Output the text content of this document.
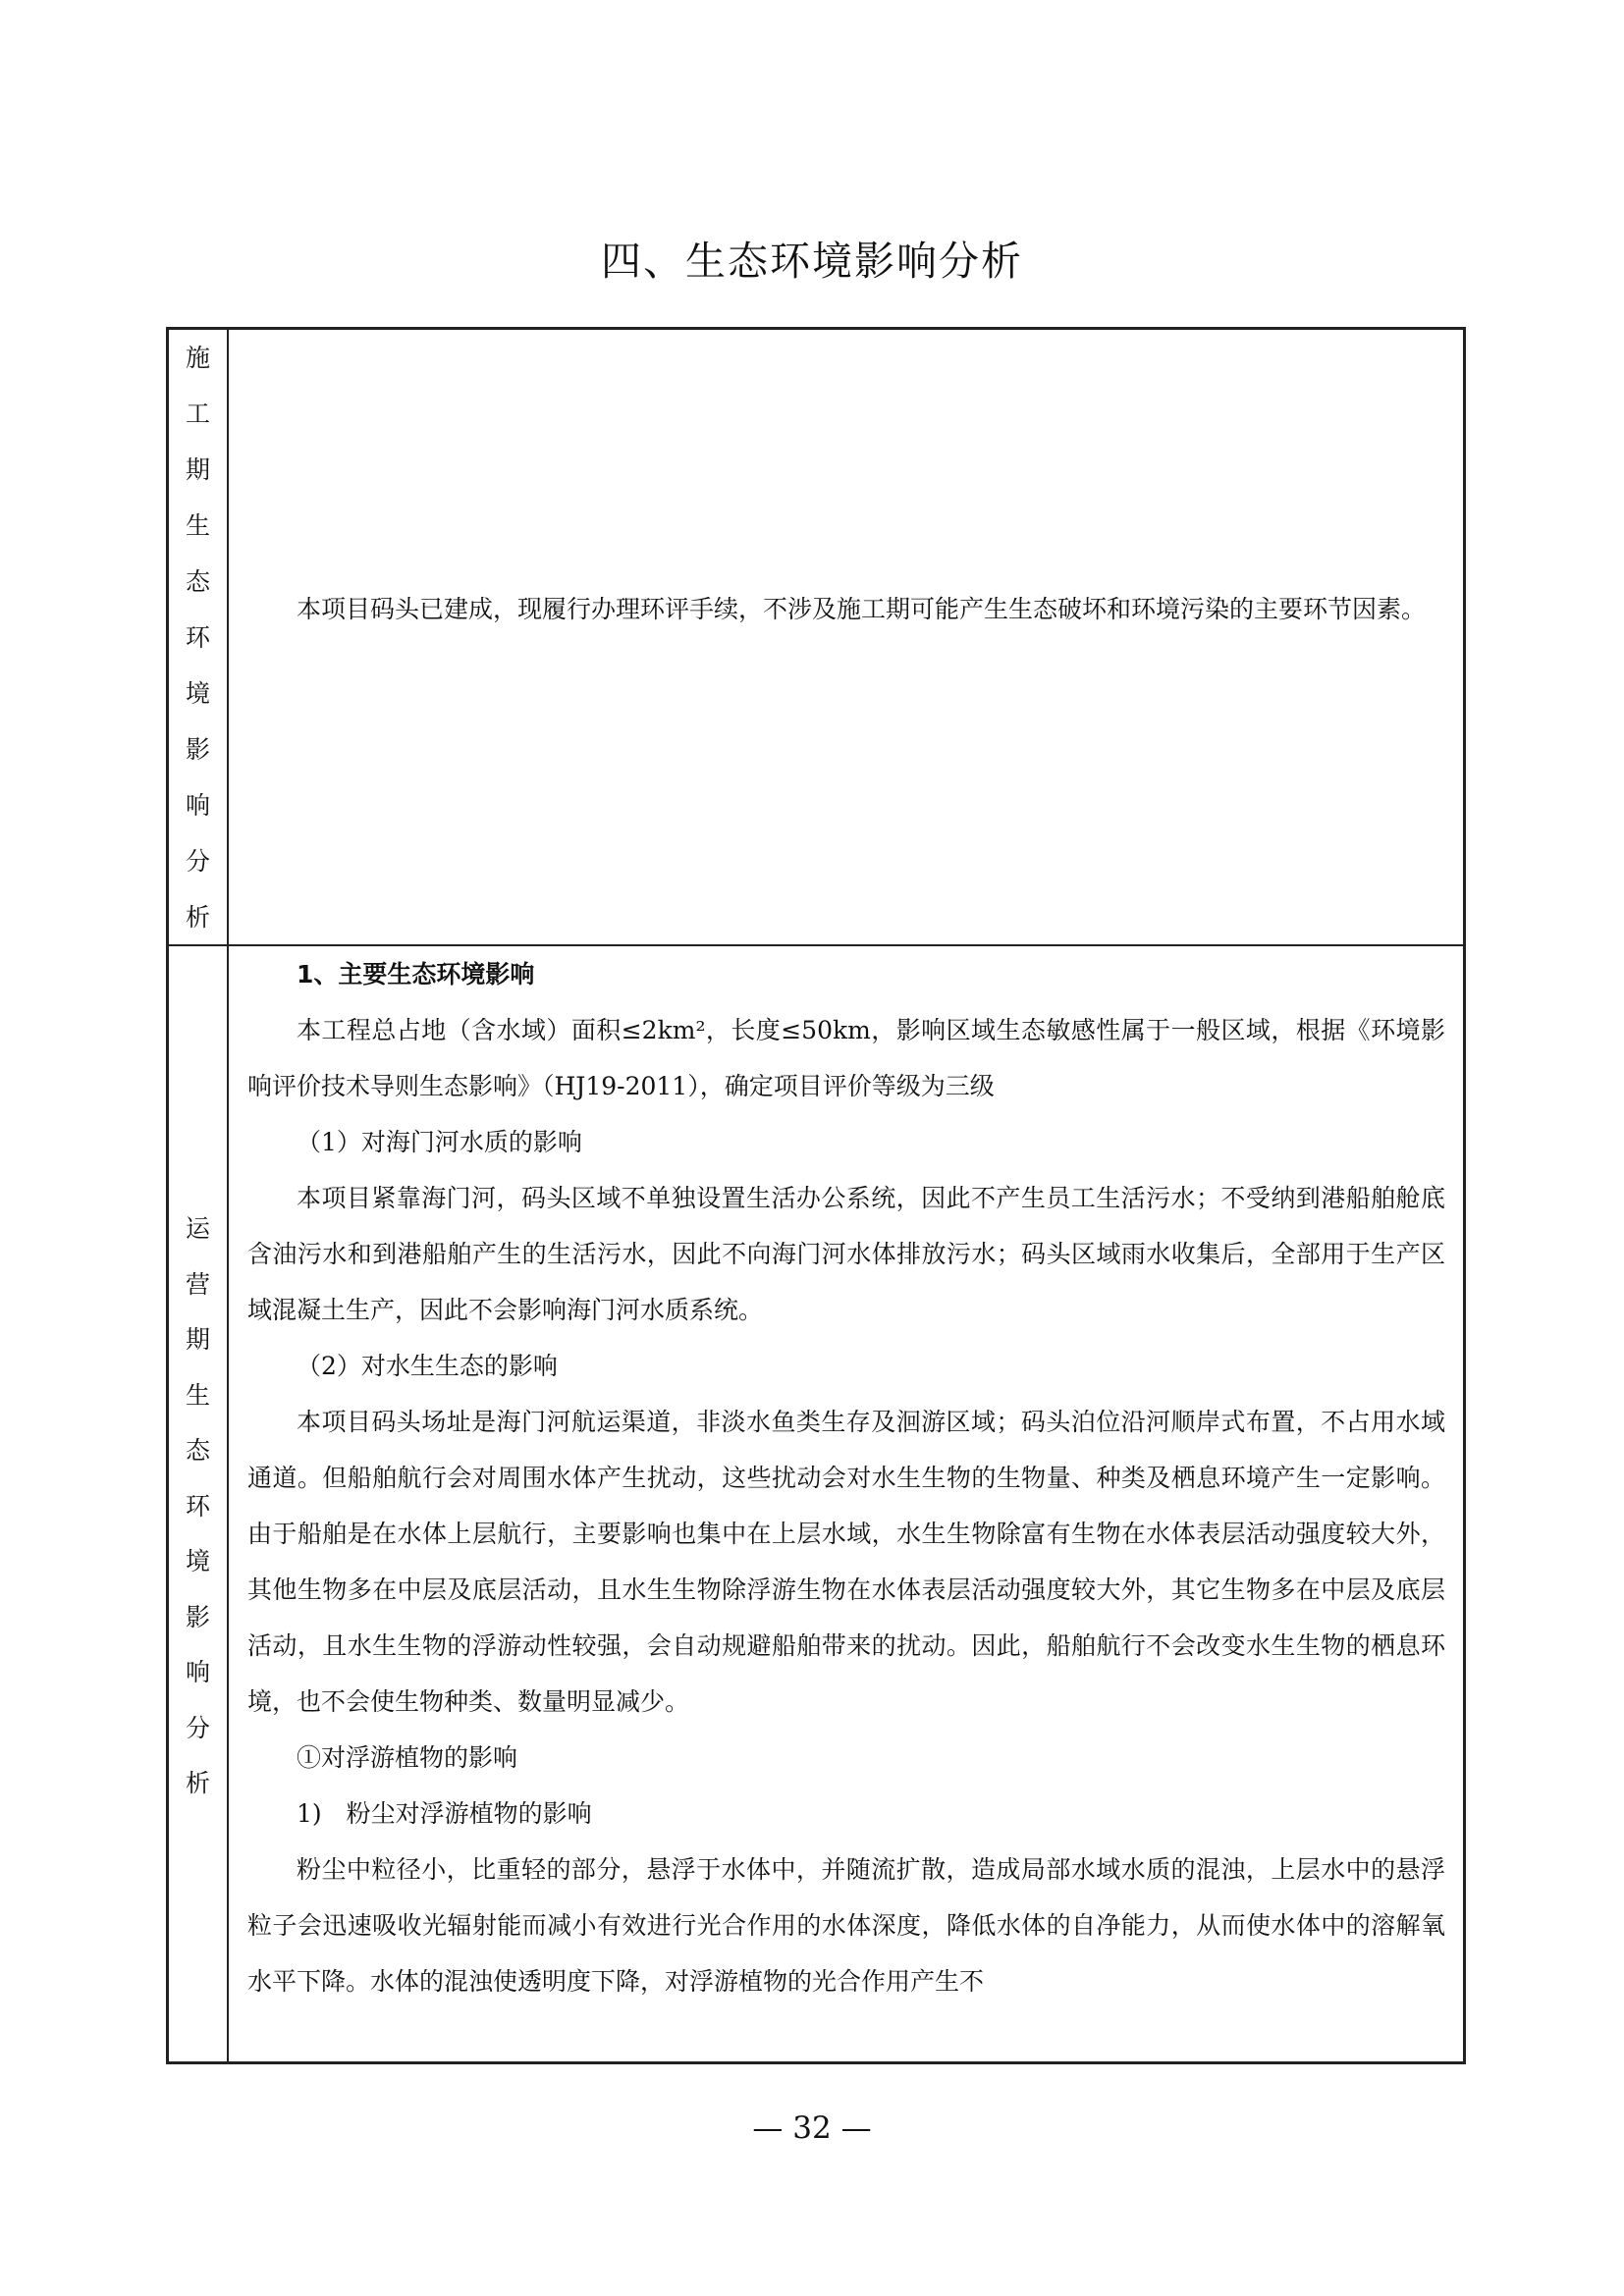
四、生态环境影响分析
施
工
期
生
态
环
境
影
响
分
析

本项目码头已建成，现履行办理环评手续，不涉及施工期可能产生生态破坏和环境污染的主要环节因素。

运
营
期
生
态
环
境
影
响
分
析

1、主要生态环境影响

本工程总占地（含水域）面积≤2km²，长度≤50km，影响区域生态敏感性属于一般区域，根据《环境影响评价技术导则生态影响》（HJ19-2011），确定项目评价等级为三级

（1）对海门河水质的影响

本项目紧靠海门河，码头区域不单独设置生活办公系统，因此不产生员工生活污水；不受纳到港船舶舱底含油污水和到港船舶产生的生活污水，因此不向海门河水体排放污水；码头区域雨水收集后，全部用于生产区域混凝土生产，因此不会影响海门河水质系统。

（2）对水生生态的影响

本项目码头场址是海门河航运渠道，非淡水鱼类生存及洄游区域；码头泊位沿河顺岸式布置，不占用水域通道。但船舶航行会对周围水体产生扰动，这些扰动会对水生生物的生物量、种类及栖息环境产生一定影响。由于船舶是在水体上层航行，主要影响也集中在上层水域，水生生物除富有生物在水体表层活动强度较大外，其他生物多在中层及底层活动，且水生生物除浮游生物在水体表层活动强度较大外，其它生物多在中层及底层活动，且水生生物的浮游动性较强，会自动规避船舶带来的扰动。因此，船舶航行不会改变水生生物的栖息环境，也不会使生物种类、数量明显减少。

①对浮游植物的影响

1)　粉尘对浮游植物的影响

粉尘中粒径小，比重轻的部分，悬浮于水体中，并随流扩散，造成局部水域水质的混浊，上层水中的悬浮粒子会迅速吸收光辐射能而减小有效进行光合作用的水体深度，降低水体的自净能力，从而使水体中的溶解氧水平下降。水体的混浊使透明度下降，对浮游植物的光合作用产生不

— 32 —
